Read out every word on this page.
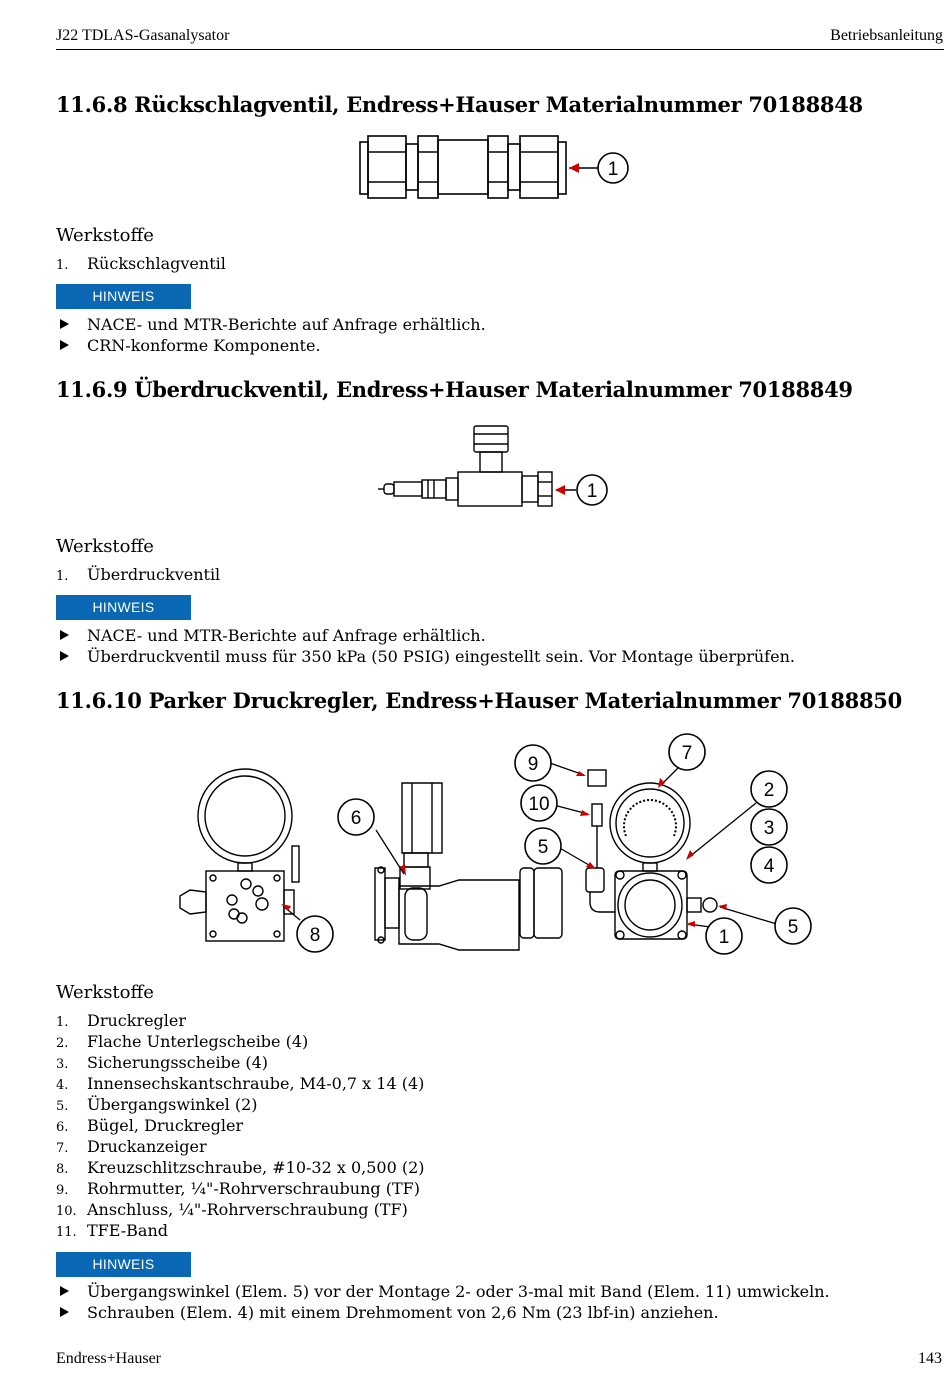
J22 TDLAS-Gasanalysator	Betriebsanleitung
11.6.8 Rückschlagventil, Endress+Hauser Materialnummer 70188848
1
Werkstoffe
1. Rückschlagventil
HINWEIS
NACE- und MTR-Berichte auf Anfrage erhältlich.
CRN-konforme Komponente.
11.6.9 Überdruckventil, Endress+Hauser Materialnummer 70188849
1
Werkstoffe
1. Überdruckventil
HINWEIS
NACE- und MTR-Berichte auf Anfrage erhältlich.
Überdruckventil muss für 350 kPa (50 PSIG) eingestellt sein. Vor Montage überprüfen.
11.6.10 Parker Druckregler, Endress+Hauser Materialnummer 70188850
9
7
10
2
6
5
3
4
8	1	5
Werkstoffe
1. Druckregler
2. Flache Unterlegscheibe (4)
3. Sicherungsscheibe (4)
4. Innensechskantschraube, M4-0,7 x 14 (4)
5. Übergangswinkel (2)
6. Bügel, Druckregler
7. Druckanzeiger
8. Kreuzschlitzschraube, #10-32 x 0,500 (2)
9. Rohrmutter, ¼"-Rohrverschraubung (TF)
10. Anschluss, ¼"-Rohrverschraubung (TF)
11. TFE-Band
HINWEIS
Übergangswinkel (Elem. 5) vor der Montage 2- oder 3-mal mit Band (Elem. 11) umwickeln.
Schrauben (Elem. 4) mit einem Drehmoment von 2,6 Nm (23 lbf-in) anziehen.
Endress+Hauser	143
